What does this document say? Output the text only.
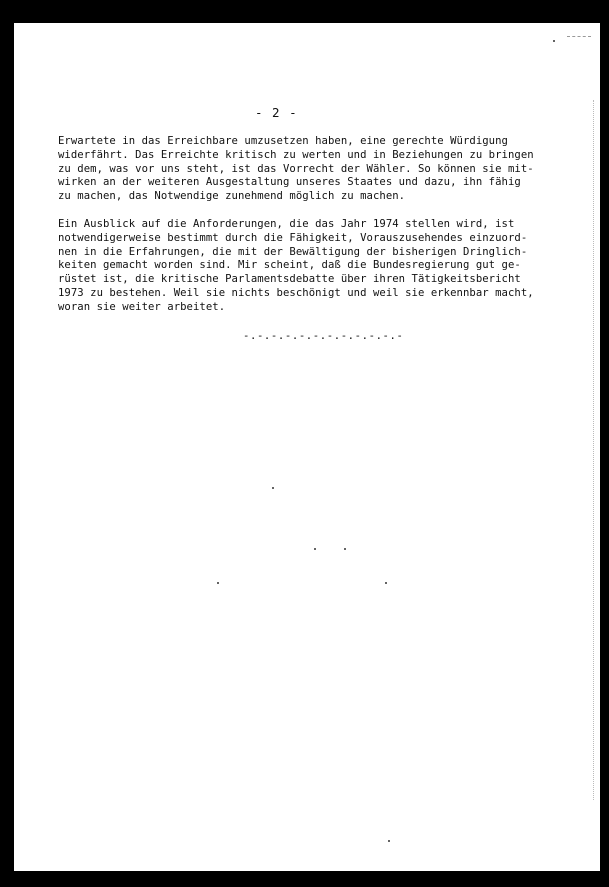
- 2 -

Erwartete in das Erreichbare umzusetzen haben, eine gerechte Würdigung
widerfährt. Das Erreichte kritisch zu werten und in Beziehungen zu bringen
zu dem, was vor uns steht, ist das Vorrecht der Wähler. So können sie mit-
wirken an der weiteren Ausgestaltung unseres Staates und dazu, ihn fähig
zu machen, das Notwendige zunehmend möglich zu machen.

Ein Ausblick auf die Anforderungen, die das Jahr 1974 stellen wird, ist
notwendigerweise bestimmt durch die Fähigkeit, Vorauszusehendes einzuord-
nen in die Erfahrungen, die mit der Bewältigung der bisherigen Dringlich-
keiten gemacht worden sind. Mir scheint, daß die Bundesregierung gut ge-
rüstet ist, die kritische Parlamentsdebatte über ihren Tätigkeitsbericht
1973 zu bestehen. Weil sie nichts beschönigt und weil sie erkennbar macht,
woran sie weiter arbeitet.

-.-.-.-.-.-.-.-.-.-.-.-
